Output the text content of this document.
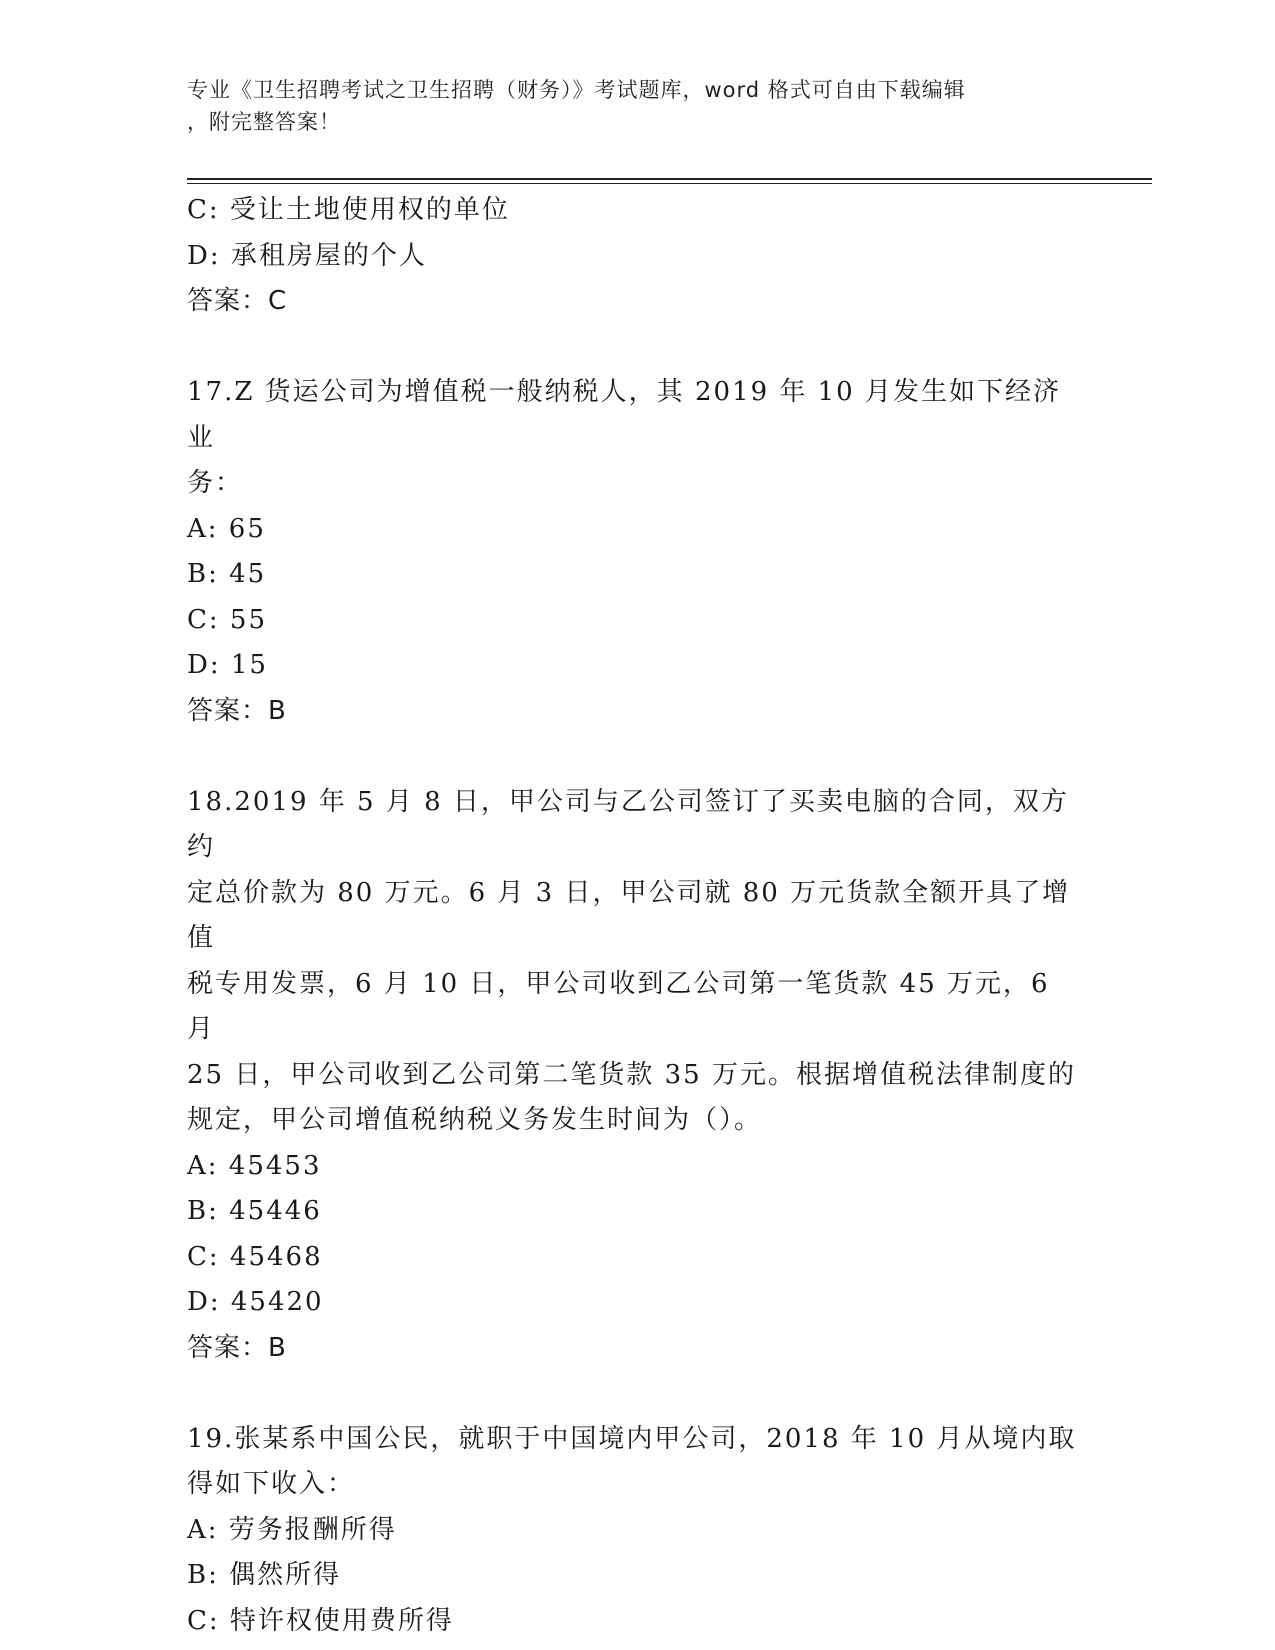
专业《卫生招聘考试之卫生招聘（财务）》考试题库，word 格式可自由下载编辑
，附完整答案！
C: 受让土地使用权的单位
D: 承租房屋的个人
答案：C
17.Z 货运公司为增值税一般纳税人，其 2019 年 10 月发生如下经济业
务：
A: 65
B: 45
C: 55
D: 15
答案：B
18.2019 年 5 月 8 日，甲公司与乙公司签订了买卖电脑的合同，双方约
定总价款为 80 万元。6 月 3 日，甲公司就 80 万元货款全额开具了增值
税专用发票，6 月 10 日，甲公司收到乙公司第一笔货款 45 万元，6 月
25 日，甲公司收到乙公司第二笔货款 35 万元。根据增值税法律制度的
规定，甲公司增值税纳税义务发生时间为（）。
A: 45453
B: 45446
C: 45468
D: 45420
答案：B
19.张某系中国公民，就职于中国境内甲公司，2018 年 10 月从境内取
得如下收入：
A: 劳务报酬所得
B: 偶然所得
C: 特许权使用费所得
